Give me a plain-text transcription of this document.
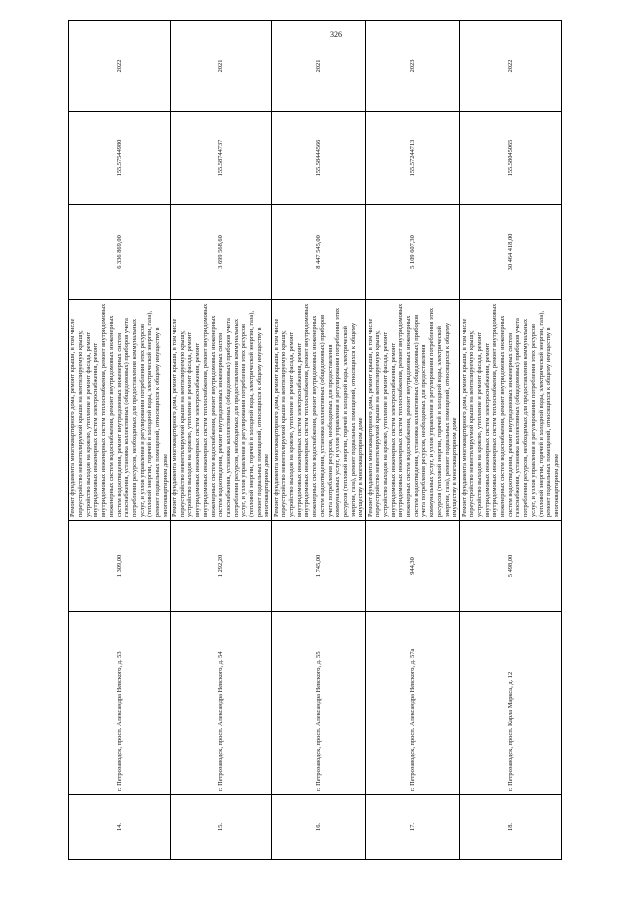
326
14.	г. Петрозаводск, просп. Александра Невского, д. 53	1 309,00	Ремонт фундамента многоквартирного дома, ремонт крыши, в том числе переустройство невентилируемой крыши на вентилируемую крышу, устройство выходов на кровлю, утепление и ремонт фасада, ремонт внутридомовых инженерных систем электроснабжения, ремонт внутридомовых инженерных систем теплоснабжения, ремонт внутридомовых инженерных систем водоснабжения, ремонт внутридомовых инженерных систем водоотведения, ремонт внутридомовых инженерных систем газоснабжения, установка коллективных (общедомовых) приборов учета потребления ресурсов, необходимых для предоставления коммунальных услуг, и узлов управления и регулирования потребления этих ресурсов (тепловой энергии, горячей и холодной воды, электрической энергии, газа), ремонт подвальных помещений, относящихся к общему имуществу в многоквартирном доме	6 336 869,00	155.57544980	2022
15.	г. Петрозаводск, просп. Александра Невского, д. 54	1 292,20	Ремонт фундамента многоквартирного дома, ремонт крыши, в том числе переустройство невентилируемой крыши на вентилируемую крышу, устройство выходов на кровлю, утепление и ремонт фасада, ремонт внутридомовых инженерных систем электроснабжения, ремонт внутридомовых инженерных систем теплоснабжения, ремонт внутридомовых инженерных систем водоснабжения, ремонт внутридомовых инженерных систем водоотведения, ремонт внутридомовых инженерных систем газоснабжения, установка коллективных (общедомовых) приборов учета потребления ресурсов, необходимых для предоставления коммунальных услуг, и узлов управления и регулирования потребления этих ресурсов (тепловой энергии, горячей и холодной воды, электрической энергии, газа), ремонт подвальных помещений, относящихся к общему имуществу в многоквартирном доме	3 699 568,60	155.58744737	2021
16.	г. Петрозаводск, просп. Александра Невского, д. 55	1 745,00	Ремонт фундамента многоквартирного дома, ремонт крыши, в том числе переустройство невентилируемой крыши на вентилируемую крышу, устройство выходов на кровлю, утепление и ремонт фасада, ремонт внутридомовых инженерных систем электроснабжения, ремонт внутридомовых инженерных систем теплоснабжения, ремонт внутридомовых инженерных систем водоснабжения, ремонт внутридомовых инженерных систем водоотведения, установка коллективных (общедомовых) приборов учета потребления ресурсов, необходимых для предоставления коммунальных услуг, и узлов управления и регулирования потребления этих ресурсов (тепловой энергии, горячей и холодной воды, электрической энергии, газа), ремонт подвальных помещений, относящихся к общему имуществу в многоквартирном доме	8 447 545,00	155.58444566	2021
17.	г. Петрозаводск, просп. Александра Невского, д. 57а	944,30	Ремонт фундамента многоквартирного дома, ремонт крыши, в том числе переустройство невентилируемой крыши на вентилируемую крышу, устройство выходов на кровлю, утепление и ремонт фасада, ремонт внутридомовых инженерных систем электроснабжения, ремонт внутридомовых инженерных систем теплоснабжения, ремонт внутридомовых инженерных систем водоснабжения, ремонт внутридомовых инженерных систем водоотведения, установка коллективных (общедомовых) приборов учета потребления ресурсов, необходимых для предоставления коммунальных услуг, и узлов управления и регулирования потребления этих ресурсов (тепловой энергии, горячей и холодной воды, электрической энергии, газа), ремонт подвальных помещений, относящихся к общему имуществу в многоквартирном доме	5 109 607,30	155.57244713	2023
18.	г. Петрозаводск, просп. Карла Маркса, д. 12	5 498,00	Ремонт фундамента многоквартирного дома, ремонт крыши, в том числе переустройство невентилируемой крыши на вентилируемую крышу, устройство выходов на кровлю, утепление и ремонт фасада, ремонт внутридомовых инженерных систем электроснабжения, ремонт внутридомовых инженерных систем теплоснабжения, ремонт внутридомовых инженерных систем водоснабжения, ремонт внутридомовых инженерных систем водоотведения, ремонт внутридомовых инженерных систем газоснабжения, установка коллективных (общедомовых) приборов учета потребления ресурсов, необходимых для предоставления коммунальных услуг, и узлов управления и регулирования потребления этих ресурсов (тепловой энергии, горячей и холодной воды, электрической энергии, газа), ремонт подвальных помещений, относящихся к общему имуществу в многоквартирном доме	30 464 418,00	155.58045065	2022
